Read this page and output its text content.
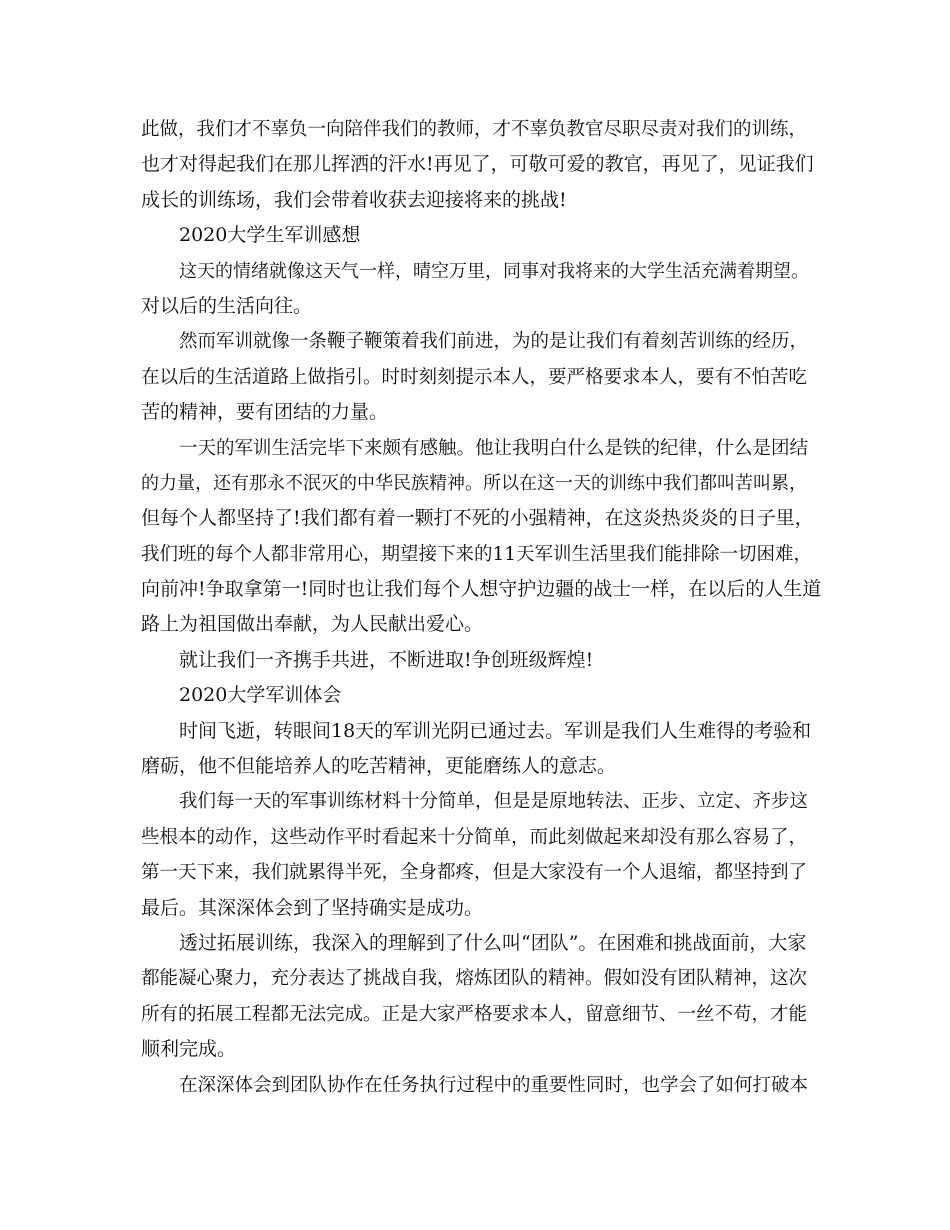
此做，我们才不辜负一向陪伴我们的教师，才不辜负教官尽职尽责对我们的训练，
也才对得起我们在那儿挥洒的汗水!再见了，可敬可爱的教官，再见了，见证我们
成长的训练场，我们会带着收获去迎接将来的挑战!
2020大学生军训感想
这天的情绪就像这天气一样，晴空万里，同事对我将来的大学生活充满着期望。
对以后的生活向往。
然而军训就像一条鞭子鞭策着我们前进，为的是让我们有着刻苦训练的经历，
在以后的生活道路上做指引。时时刻刻提示本人，要严格要求本人，要有不怕苦吃
苦的精神，要有团结的力量。
一天的军训生活完毕下来颇有感触。他让我明白什么是铁的纪律，什么是团结
的力量，还有那永不泯灭的中华民族精神。所以在这一天的训练中我们都叫苦叫累，
但每个人都坚持了!我们都有着一颗打不死的小强精神，在这炎热炎炎的日子里，
我们班的每个人都非常用心，期望接下来的11天军训生活里我们能排除一切困难，
向前冲!争取拿第一!同时也让我们每个人想守护边疆的战士一样，在以后的人生道
路上为祖国做出奉献，为人民献出爱心。
就让我们一齐携手共进，不断进取!争创班级辉煌!
2020大学军训体会
时间飞逝，转眼间18天的军训光阴已通过去。军训是我们人生难得的考验和
磨砺，他不但能培养人的吃苦精神，更能磨练人的意志。
我们每一天的军事训练材料十分简单，但是是原地转法、正步、立定、齐步这
些根本的动作，这些动作平时看起来十分简单，而此刻做起来却没有那么容易了，
第一天下来，我们就累得半死，全身都疼，但是大家没有一个人退缩，都坚持到了
最后。其深深体会到了坚持确实是成功。
透过拓展训练，我深入的理解到了什么叫“团队”。在困难和挑战面前，大家
都能凝心聚力，充分表达了挑战自我，熔炼团队的精神。假如没有团队精神，这次
所有的拓展工程都无法完成。正是大家严格要求本人，留意细节、一丝不苟，才能
顺利完成。
在深深体会到团队协作在任务执行过程中的重要性同时，也学会了如何打破本
